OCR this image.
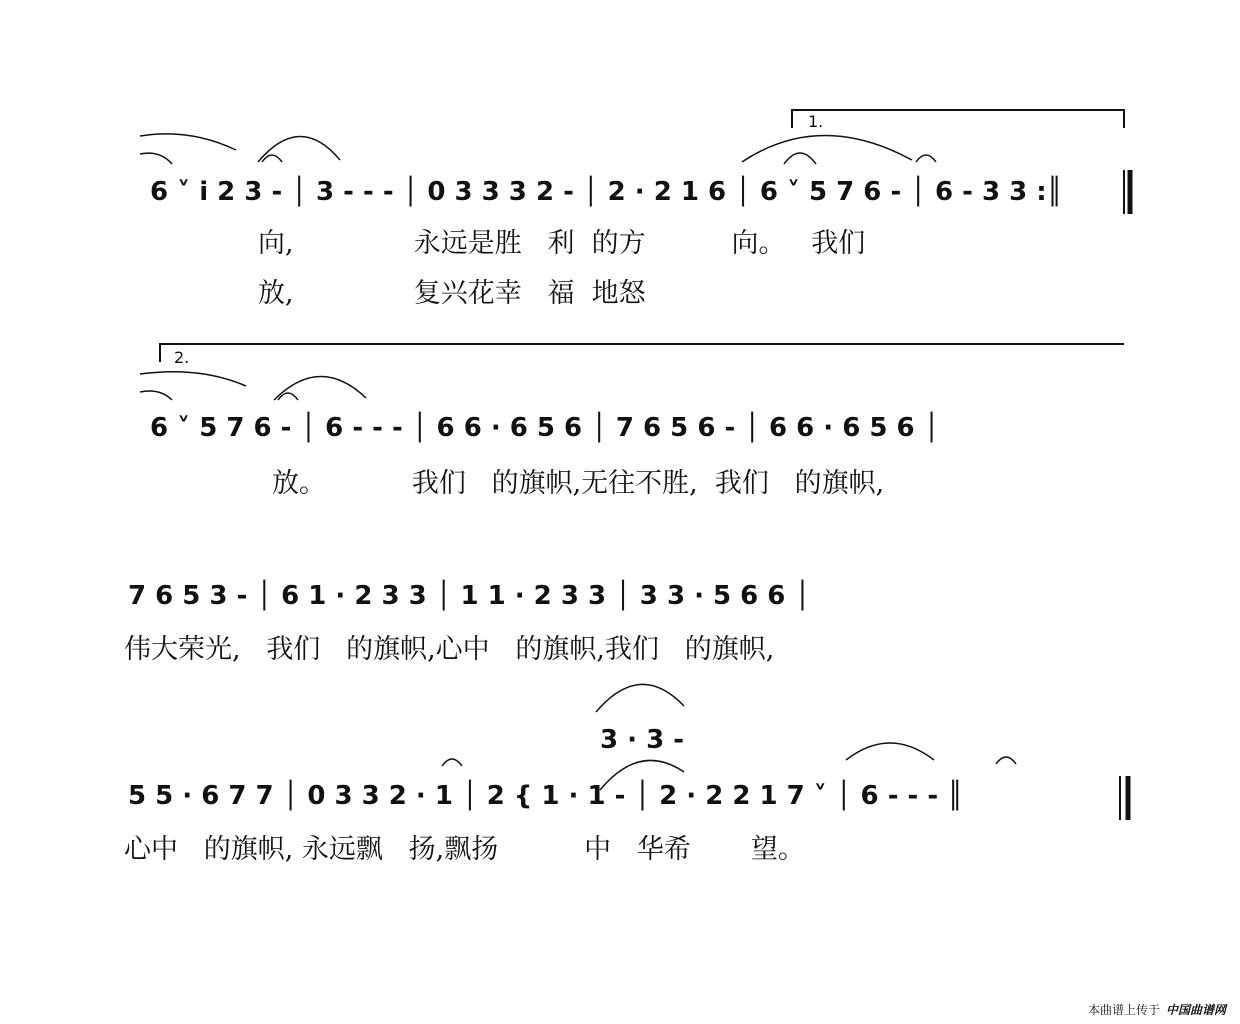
1.
6 ˅ i 2 3 - │ 3 - - - │ 0 3 3 3 2 - │ 2 · 2 1 6 │ 6 ˅ 5 7 6 - │ 6 - 3 3 :║
向,              永远是胜   利  的方          向。   我们
放,              复兴花幸   福  地怒
2.
6 ˅ 5 7 6 - │ 6 - - - │ 6 6 · 6 5 6 │ 7 6 5 6 - │ 6 6 · 6 5 6 │
放。          我们   的旗帜,无往不胜,  我们   的旗帜,
7 6 5 3 - │ 6 1 · 2 3 3 │ 1 1 · 2 3 3 │ 3 3 · 5 6 6 │
伟大荣光,   我们   的旗帜,心中   的旗帜,我们   的旗帜,
3 · 3 -
5 5 · 6 7 7 │ 0 3 3 2 · 1 │ 2 { 1 · 1 - │ 2 · 2 2 1 7 ˅ │ 6 - - - ║
心中   的旗帜, 永远飘   扬,飘扬          中   华希       望。
本曲谱上传于 中国曲谱网
